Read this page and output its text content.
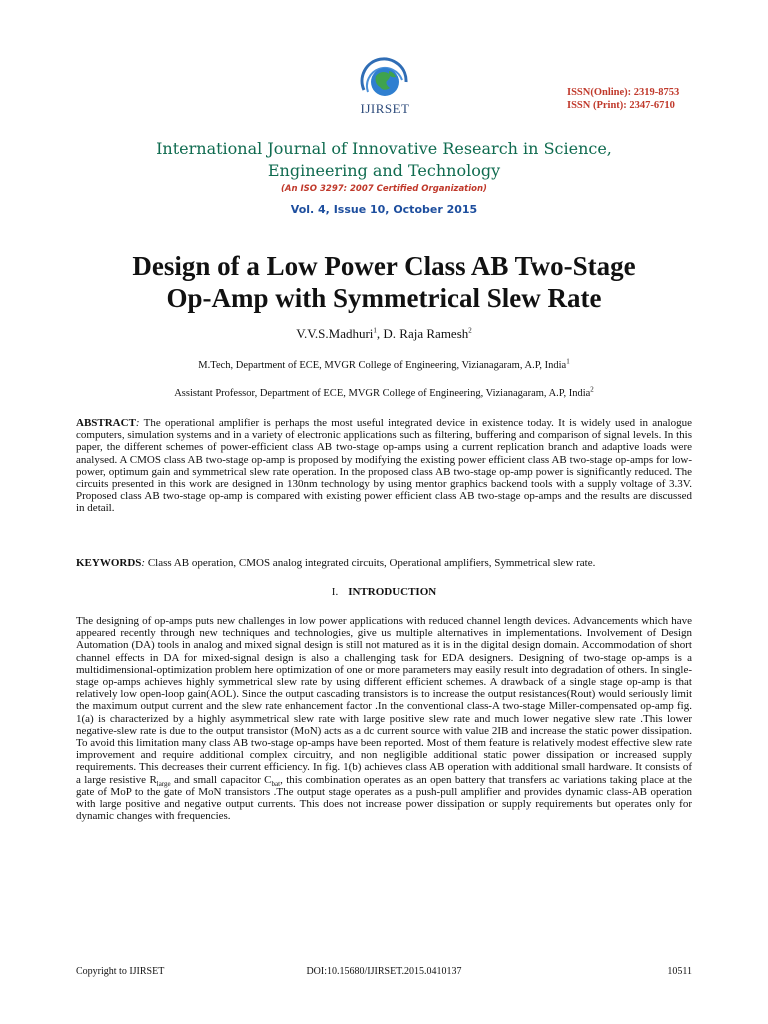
IJIRSET
ISSN(Online): 2319-8753
ISSN (Print): 2347-6710
International Journal of Innovative Research in Science,
Engineering and Technology
(An ISO 3297: 2007 Certified Organization)
Vol. 4, Issue 10, October 2015
Design of a Low Power Class AB Two-Stage
Op-Amp with Symmetrical Slew Rate
V.V.S.Madhuri$^1$, D. Raja Ramesh$^2$
M.Tech, Department of ECE, MVGR College of Engineering, Vizianagaram, A.P, India$^1$
Assistant Professor, Department of ECE, MVGR College of Engineering, Vizianagaram, A.P, India$^2$
ABSTRACT: The operational amplifier is perhaps the most useful integrated device in existence today. It is widely used in analogue computers, simulation systems and in a variety of electronic applications such as filtering, buffering and comparison of signal levels. In this paper, the different schemes of power-efficient class AB two-stage op-amps using a current replication branch and adaptive loads were analysed. A CMOS class AB two-stage op-amp is proposed by modifying the existing power efficient class AB two-stage op-amps for low-power, optimum gain and symmetrical slew rate operation. In the proposed class AB two-stage op-amp power is significantly reduced. The circuits presented in this work are designed in 130nm technology by using mentor graphics backend tools with a supply voltage of 3.3V. Proposed class AB two-stage op-amp is compared with existing power efficient class AB two-stage op-amps and the results are discussed in detail.
KEYWORDS: Class AB operation, CMOS analog integrated circuits, Operational amplifiers, Symmetrical slew rate.
I. INTRODUCTION
The designing of op-amps puts new challenges in low power applications with reduced channel length devices. Advancements which have appeared recently through new techniques and technologies, give us multiple alternatives in implementations. Involvement of Design Automation (DA) tools in analog and mixed signal design is still not matured as it is in the digital design domain. Accommodation of short channel effects in DA for mixed-signal design is also a challenging task for EDA designers. Designing of two-stage op-amps is a multidimensional-optimization problem here optimization of one or more parameters may easily result into degradation of others. In single-stage op-amps achieves highly symmetrical slew rate by using different efficient schemes. A drawback of a single stage op-amp is that relatively low open-loop gain(AOL). Since the output cascading transistors is to increase the output resistances(Rout) would seriously limit the maximum output current and the slew rate enhancement factor .In the conventional class-A two-stage Miller-compensated op-amp fig. 1(a) is characterized by a highly asymmetrical slew rate with large positive slew rate and much lower negative slew rate .This lower negative-slew rate is due to the output transistor (MoN) acts as a dc current source with value 2IB and increase the static power dissipation. To avoid this limitation many class AB two-stage op-amps have been reported. Most of them feature is relatively modest effective slew rate improvement and require additional complex circuitry, and non negligible additional static power dissipation or increased supply requirements. This decreases their current efficiency. In fig. 1(b) achieves class AB operation with additional small hardware. It consists of a large resistive $R_{large}$ and small capacitor $C_{bat}$, this combination operates as an open battery that transfers ac variations taking place at the gate of MoP to the gate of MoN transistors .The output stage operates as a push-pull amplifier and provides dynamic class-AB operation with large positive and negative output currents. This does not increase power dissipation or supply requirements but operates only for dynamic changes with frequencies.
Copyright to IJIRSET	DOI:10.15680/IJIRSET.2015.0410137	10511
